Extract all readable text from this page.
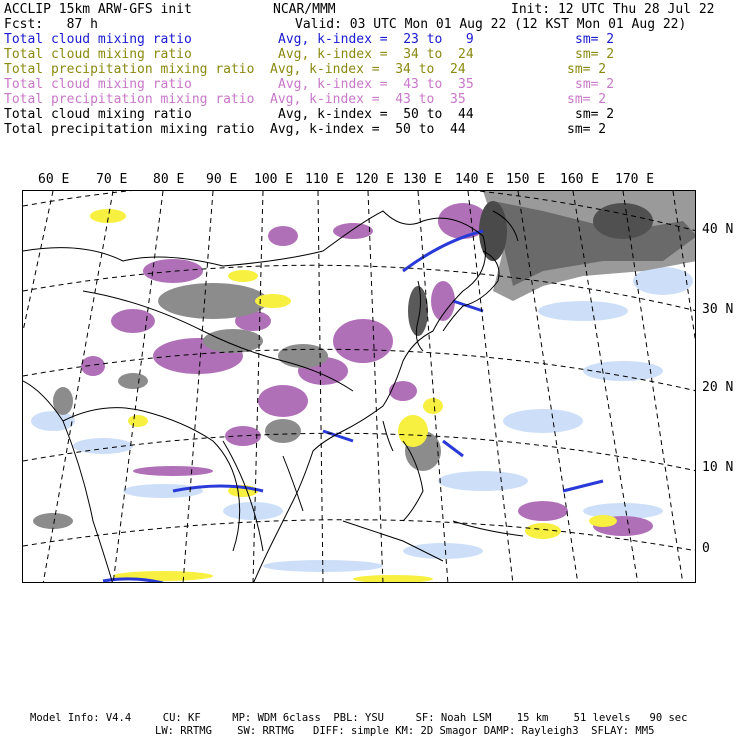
ACCLIP 15km ARW-GFS init	NCAR/MMM	Init: 12 UTC Thu 28 Jul 22
Fcst:   87 h	Valid: 03 UTC Mon 01 Aug 22 (12 KST Mon 01 Aug 22)
Total cloud mixing ratio	Avg, k-index =  23 to   9	sm= 2
Total cloud mixing ratio	Avg, k-index =  34 to  24	sm= 2
Total precipitation mixing ratio Avg, k-index =  34 to  24	sm= 2
Total cloud mixing ratio	Avg, k-index =  43 to  35	sm= 2
Total precipitation mixing ratio Avg, k-index =  43 to  35	sm= 2
Total cloud mixing ratio	Avg, k-index =  50 to  44	sm= 2
Total precipitation mixing ratio Avg, k-index =  50 to  44	sm= 2
60 E 70 E 80 E 90 E 100 E 110 E 120 E 130 E 140 E 150 E 160 E 170 E
40 N
30 N
20 N
10 N
0
Model Info: V4.4     CU: KF     MP: WDM 6class  PBL: YSU     SF: Noah LSM    15 km    51 levels   90 sec
LW: RRTMG    SW: RRTMG   DIFF: simple KM: 2D Smagor DAMP: Rayleigh3  SFLAY: MM5
